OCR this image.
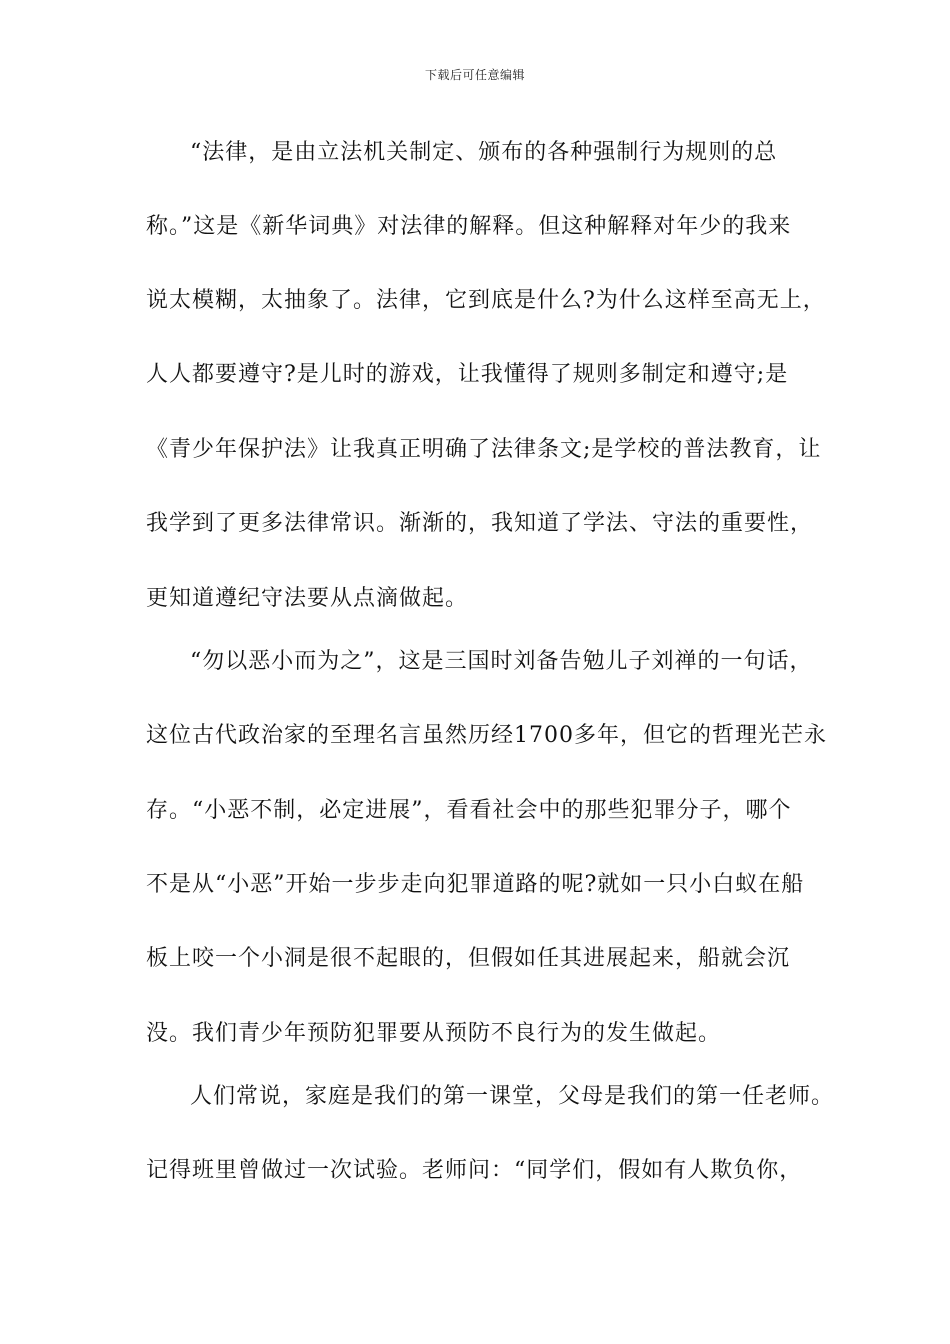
下载后可任意编辑
“法律，是由立法机关制定、颁布的各种强制行为规则的总
称。”这是《新华词典》对法律的解释。但这种解释对年少的我来
说太模糊，太抽象了。法律，它到底是什么?为什么这样至高无上，
人人都要遵守?是儿时的游戏，让我懂得了规则多制定和遵守;是
《青少年保护法》让我真正明确了法律条文;是学校的普法教育，让
我学到了更多法律常识。渐渐的，我知道了学法、守法的重要性，
更知道遵纪守法要从点滴做起。
“勿以恶小而为之”，这是三国时刘备告勉儿子刘禅的一句话，
这位古代政治家的至理名言虽然历经1700多年，但它的哲理光芒永
存。“小恶不制，必定进展”，看看社会中的那些犯罪分子，哪个
不是从“小恶”开始一步步走向犯罪道路的呢?就如一只小白蚁在船
板上咬一个小洞是很不起眼的，但假如任其进展起来，船就会沉
没。我们青少年预防犯罪要从预防不良行为的发生做起。
人们常说，家庭是我们的第一课堂，父母是我们的第一任老师。
记得班里曾做过一次试验。老师问：“同学们，假如有人欺负你，
